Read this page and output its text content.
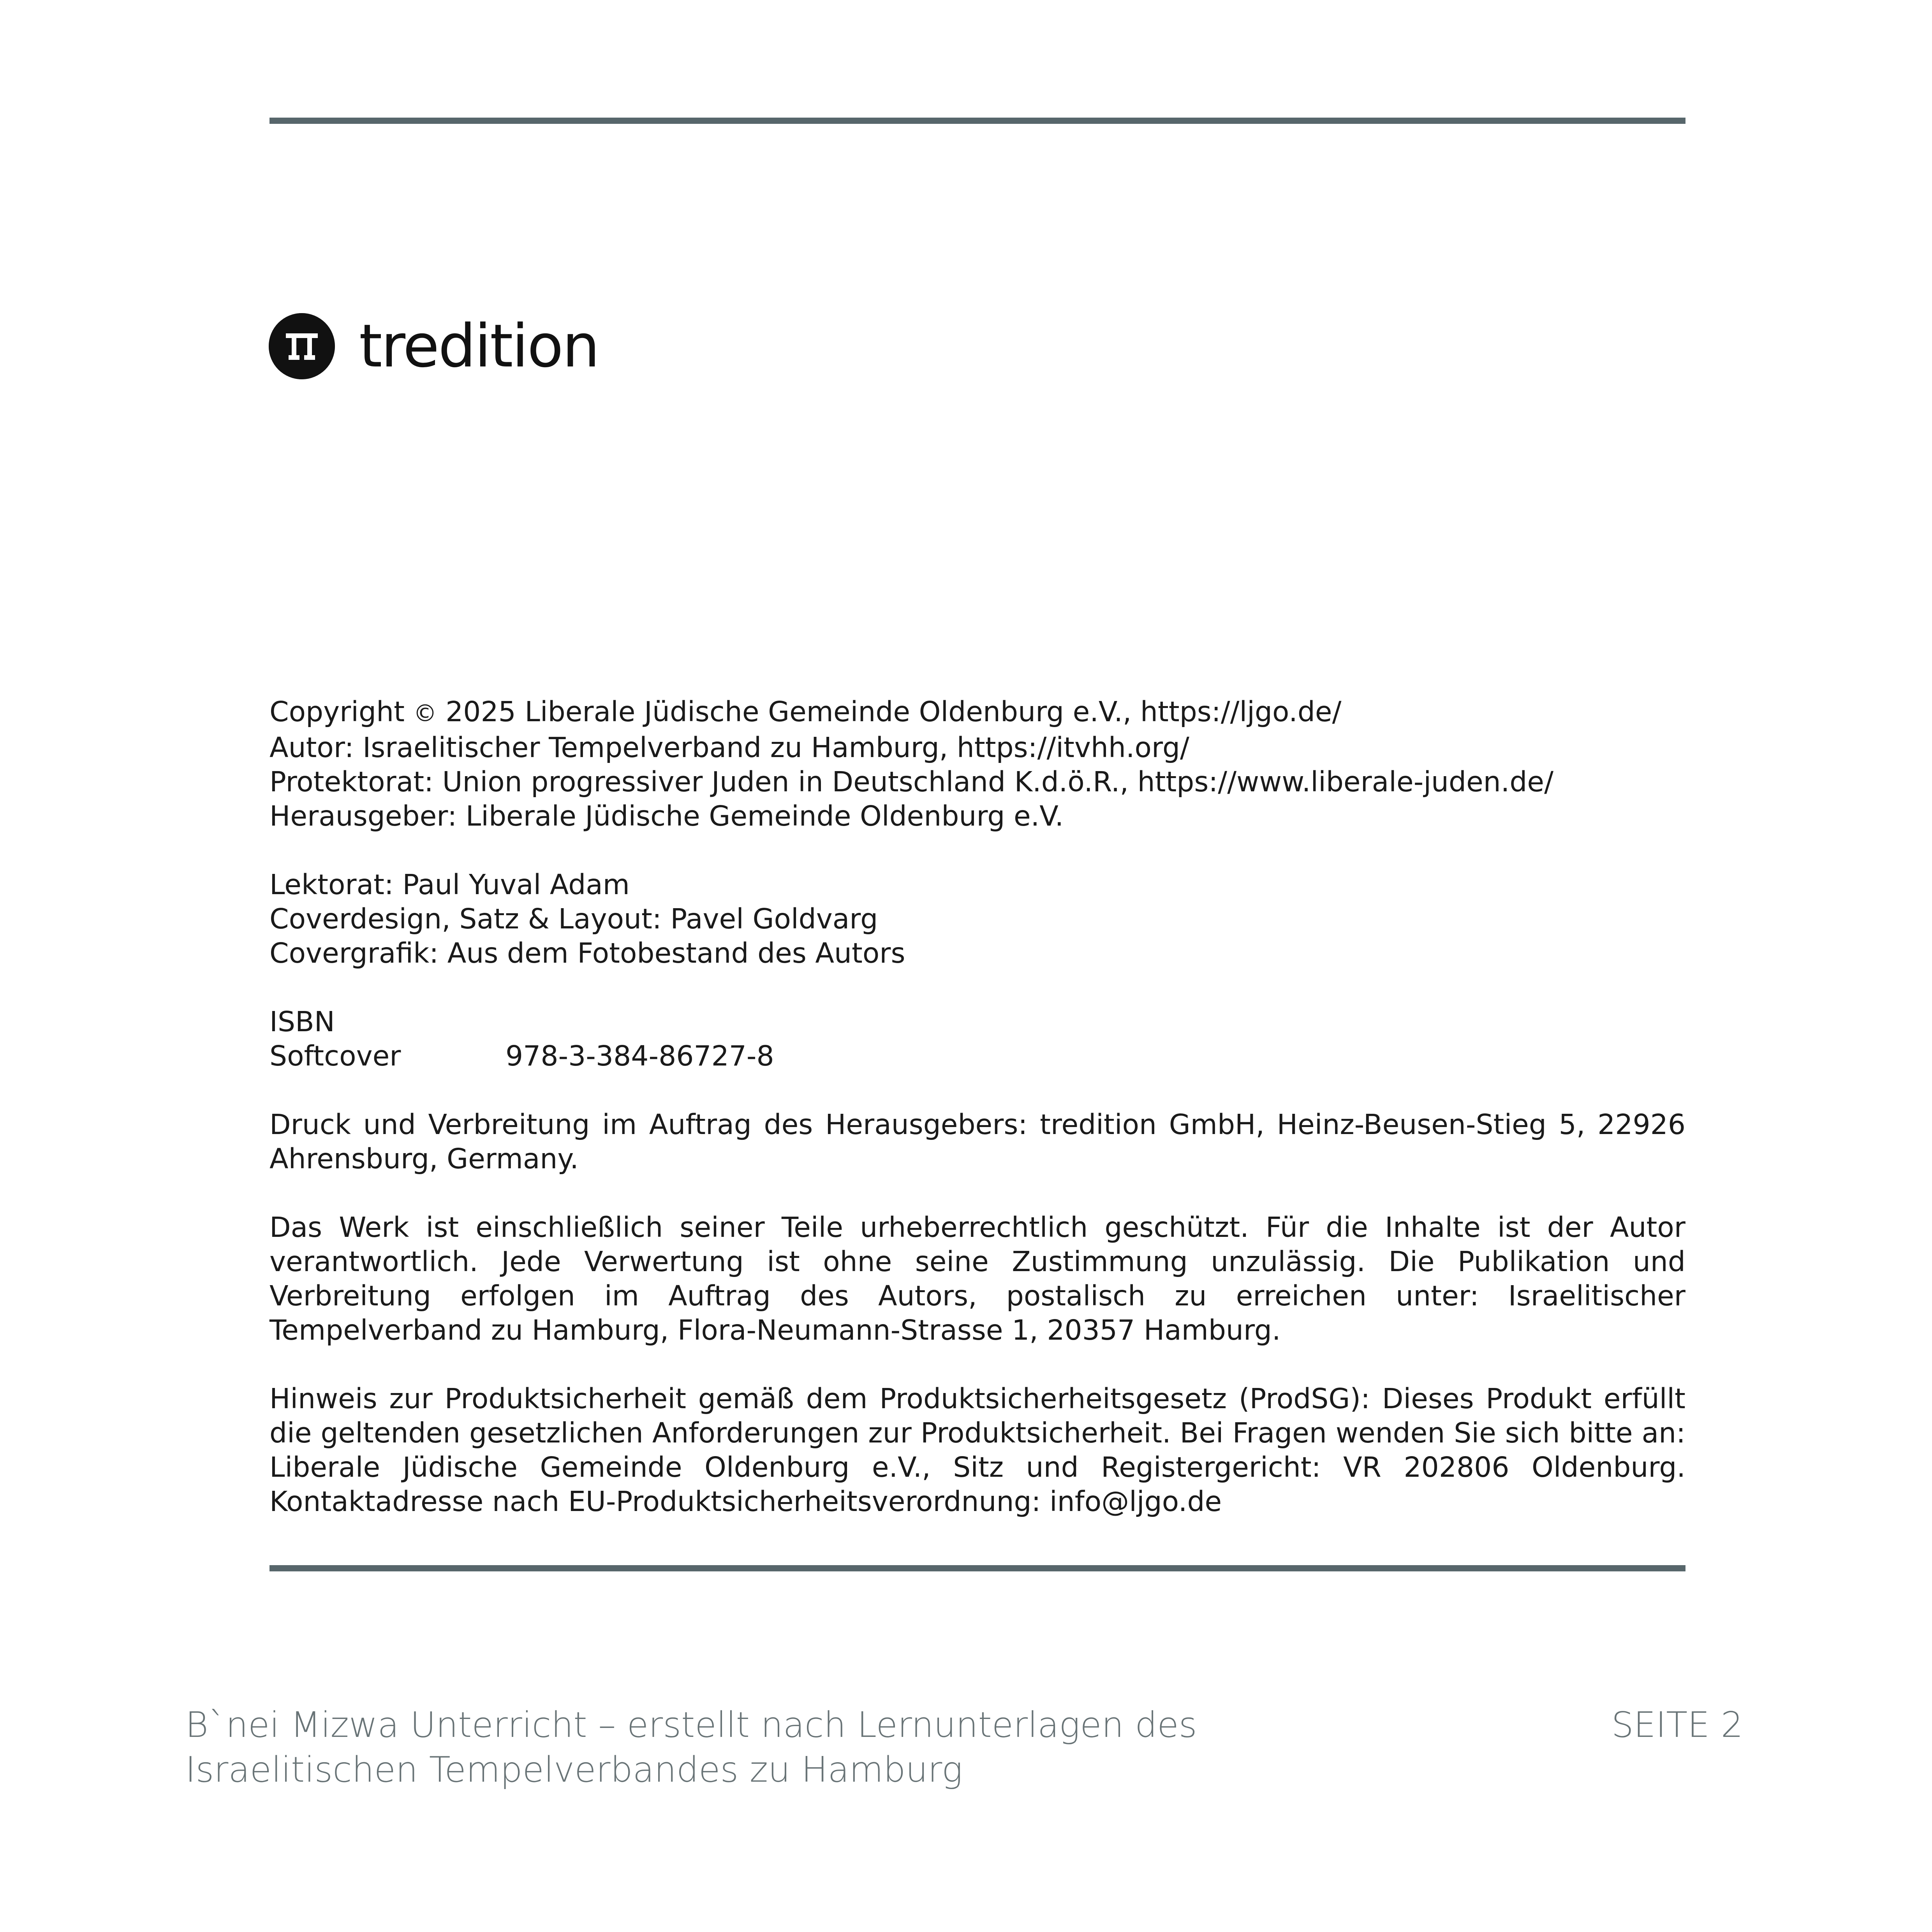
tredition

Copyright © 2025 Liberale Jüdische Gemeinde Oldenburg e.V., https://ljgo.de/

Autor: Israelitischer Tempelverband zu Hamburg, https://itvhh.org/

Protektorat: Union progressiver Juden in Deutschland K.d.ö.R., https://www.liberale-juden.de/

Herausgeber: Liberale Jüdische Gemeinde Oldenburg e.V.

Lektorat: Paul Yuval Adam

Coverdesign, Satz & Layout: Pavel Goldvarg

Covergrafik: Aus dem Fotobestand des Autors

ISBN

Softcover	978-3-384-86727-8

Druck und Verbreitung im Auftrag des Herausgebers: tredition GmbH, Heinz-Beusen-Stieg 5, 22926 Ahrensburg, Germany.

Das Werk ist einschließlich seiner Teile urheberrechtlich geschützt. Für die Inhalte ist der Autor verantwortlich. Jede Verwertung ist ohne seine Zustimmung unzulässig. Die Publikation und Verbreitung erfolgen im Auftrag des Autors, postalisch zu erreichen unter: Israelitischer Tempelverband zu Hamburg, Flora-Neumann-Strasse 1, 20357 Hamburg.

Hinweis zur Produktsicherheit gemäß dem Produktsicherheitsgesetz (ProdSG): Dieses Produkt erfüllt die geltenden gesetzlichen Anforderungen zur Produktsicherheit. Bei Fragen wenden Sie sich bitte an: Liberale Jüdische Gemeinde Oldenburg e.V., Sitz und Registergericht: VR 202806 Oldenburg. Kontaktadresse nach EU-Produktsicherheitsverordnung: info@ljgo.de

B`nei Mizwa Unterricht – erstellt nach Lernunterlagen des
Israelitischen Tempelverbandes zu Hamburg
SEITE 2
